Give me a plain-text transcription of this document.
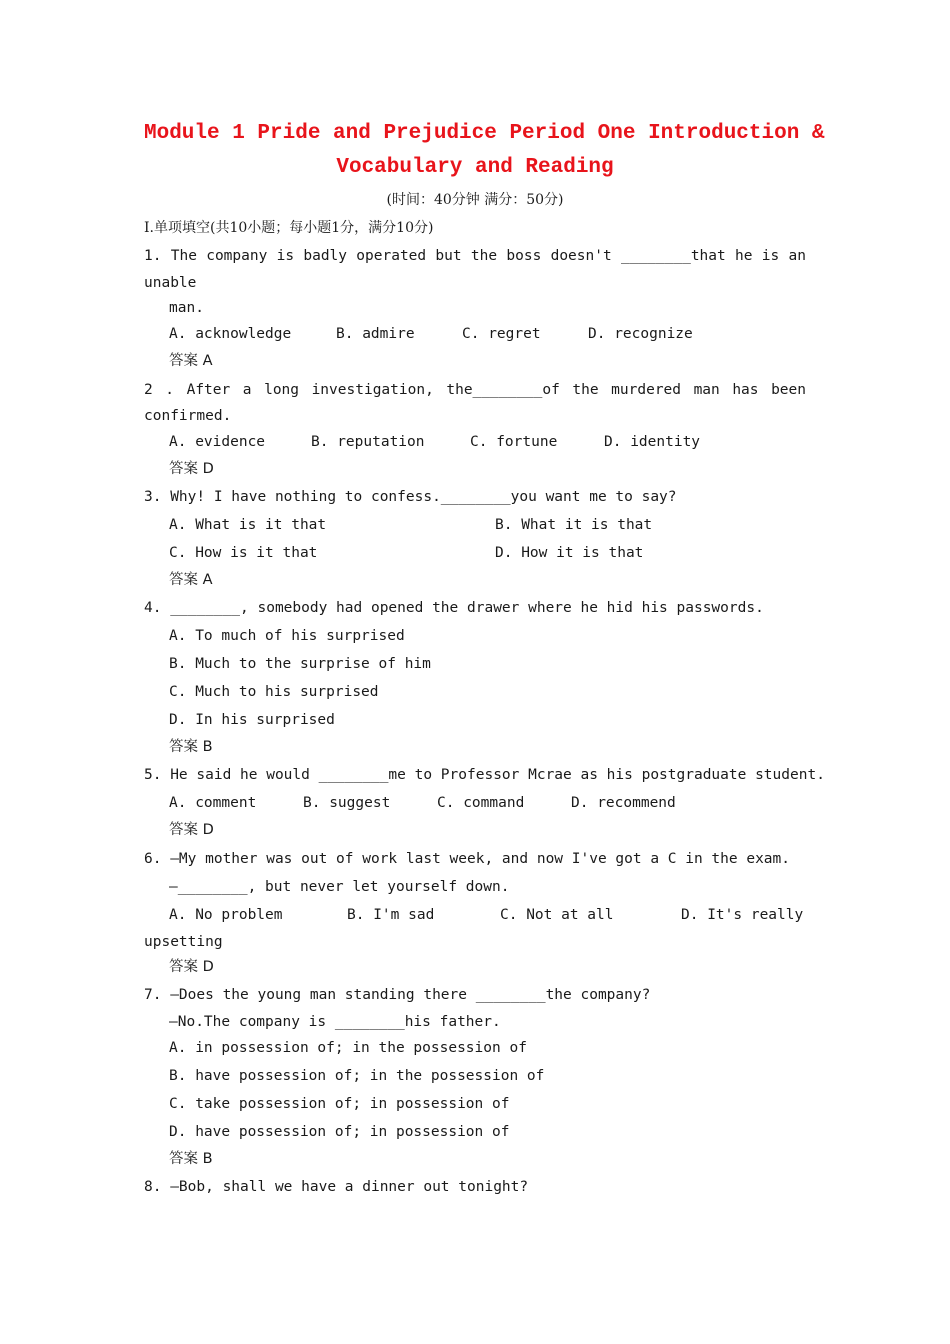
Module 1 Pride and Prejudice Period One Introduction &
Vocabulary and Reading
(时间：40分钟 满分：50分)
Ⅰ.单项填空(共10小题；每小题1分，满分10分)
1. The company is badly operated but the boss doesn't ________that he is an
unable
man.
A. acknowledge	B. admire	C. regret	D. recognize
答案 A
2 . After a long investigation, the________of the murdered man has been
confirmed.
A. evidence	B. reputation	C. fortune	D. identity
答案 D
3. Why! I have nothing to confess.________you want me to say?
A. What is it that	B. What it is that
C. How is it that	D. How it is that
答案 A
4. ________, somebody had opened the drawer where he hid his passwords.
A. To much of his surprised
B. Much to the surprise of him
C. Much to his surprised
D. In his surprised
答案 B
5. He said he would ________me to Professor Mcrae as his postgraduate student.
A. comment	B. suggest	C. command	D. recommend
答案 D
6. —My mother was out of work last week, and now I've got a C in the exam.
—________, but never let yourself down.
A. No problem	B. I'm sad	C. Not at all	D. It's really
upsetting
答案 D
7. —Does the young man standing there ________the company?
—No.The company is ________his father.
A. in possession of; in the possession of
B. have possession of; in the possession of
C. take possession of; in possession of
D. have possession of; in possession of
答案 B
8. —Bob, shall we have a dinner out tonight?
